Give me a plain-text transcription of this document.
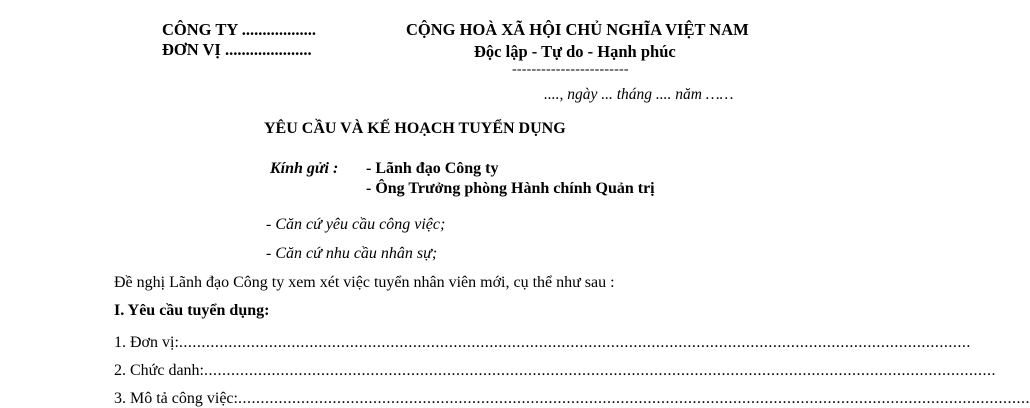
CÔNG TY ..................
ĐƠN VỊ .....................
CỘNG HOÀ XÃ HỘI CHỦ NGHĨA VIỆT NAM
Độc lập - Tự do - Hạnh phúc
------------------------
...., ngày ... tháng .... năm ……
YÊU CẦU VÀ KẾ HOẠCH TUYỂN DỤNG
Kính gửi : - Lãnh đạo Công ty
- Ông Trưởng phòng Hành chính Quản trị
- Căn cứ yêu cầu công việc;
- Căn cứ nhu cầu nhân sự;
Đề nghị Lãnh đạo Công ty xem xét việc tuyển nhân viên mới, cụ thể như sau :
I. Yêu cầu tuyển dụng:
1. Đơn vị: ................................................................................................................................................................................
2. Chức danh: ................................................................................................................................................................................
3. Mô tả công việc: ................................................................................................................................................................................
